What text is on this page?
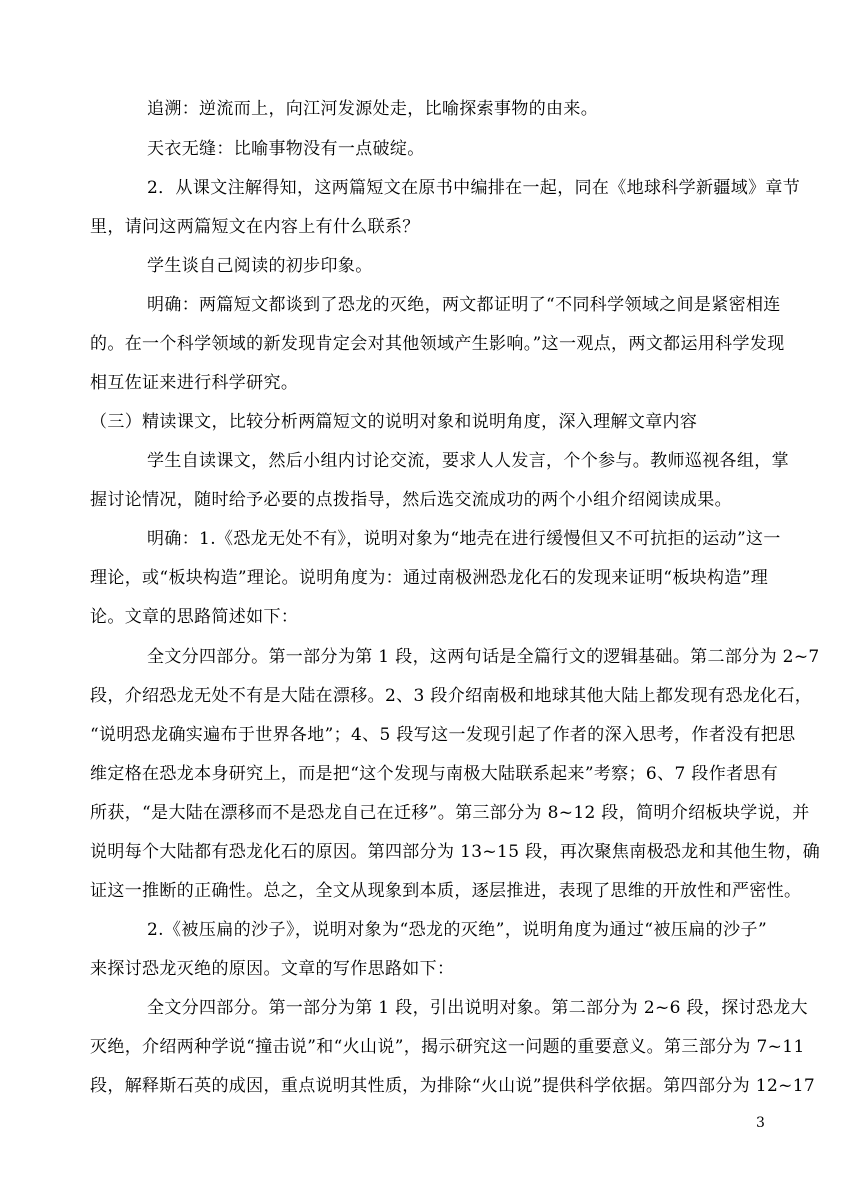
追溯：逆流而上，向江河发源处走，比喻探索事物的由来。
天衣无缝：比喻事物没有一点破绽。
2．从课文注解得知，这两篇短文在原书中编排在一起，同在《地球科学新疆域》章节
里，请问这两篇短文在内容上有什么联系？
学生谈自己阅读的初步印象。
明确：两篇短文都谈到了恐龙的灭绝，两文都证明了“不同科学领域之间是紧密相连
的。在一个科学领域的新发现肯定会对其他领域产生影响。”这一观点，两文都运用科学发现
相互佐证来进行科学研究。
（三）精读课文，比较分析两篇短文的说明对象和说明角度，深入理解文章内容
学生自读课文，然后小组内讨论交流，要求人人发言，个个参与。教师巡视各组，掌
握讨论情况，随时给予必要的点拨指导，然后选交流成功的两个小组介绍阅读成果。
明确：1.《恐龙无处不有》，说明对象为“地壳在进行缓慢但又不可抗拒的运动”这一
理论，或“板块构造”理论。说明角度为：通过南极洲恐龙化石的发现来证明“板块构造”理
论。文章的思路简述如下：
全文分四部分。第一部分为第 1 段，这两句话是全篇行文的逻辑基础。第二部分为 2~7
段，介绍恐龙无处不有是大陆在漂移。2、3 段介绍南极和地球其他大陆上都发现有恐龙化石，
“说明恐龙确实遍布于世界各地”；4、5 段写这一发现引起了作者的深入思考，作者没有把思
维定格在恐龙本身研究上，而是把“这个发现与南极大陆联系起来”考察；6、7 段作者思有
所获，“是大陆在漂移而不是恐龙自己在迁移”。第三部分为 8~12 段，简明介绍板块学说，并
说明每个大陆都有恐龙化石的原因。第四部分为 13~15 段，再次聚焦南极恐龙和其他生物，确
证这一推断的正确性。总之，全文从现象到本质，逐层推进，表现了思维的开放性和严密性。
2.《被压扁的沙子》，说明对象为“恐龙的灭绝”，说明角度为通过“被压扁的沙子”
来探讨恐龙灭绝的原因。文章的写作思路如下：
全文分四部分。第一部分为第 1 段，引出说明对象。第二部分为 2~6 段，探讨恐龙大
灭绝，介绍两种学说“撞击说”和“火山说”，揭示研究这一问题的重要意义。第三部分为 7~11
段，解释斯石英的成因，重点说明其性质，为排除“火山说”提供科学依据。第四部分为 12~17
3
